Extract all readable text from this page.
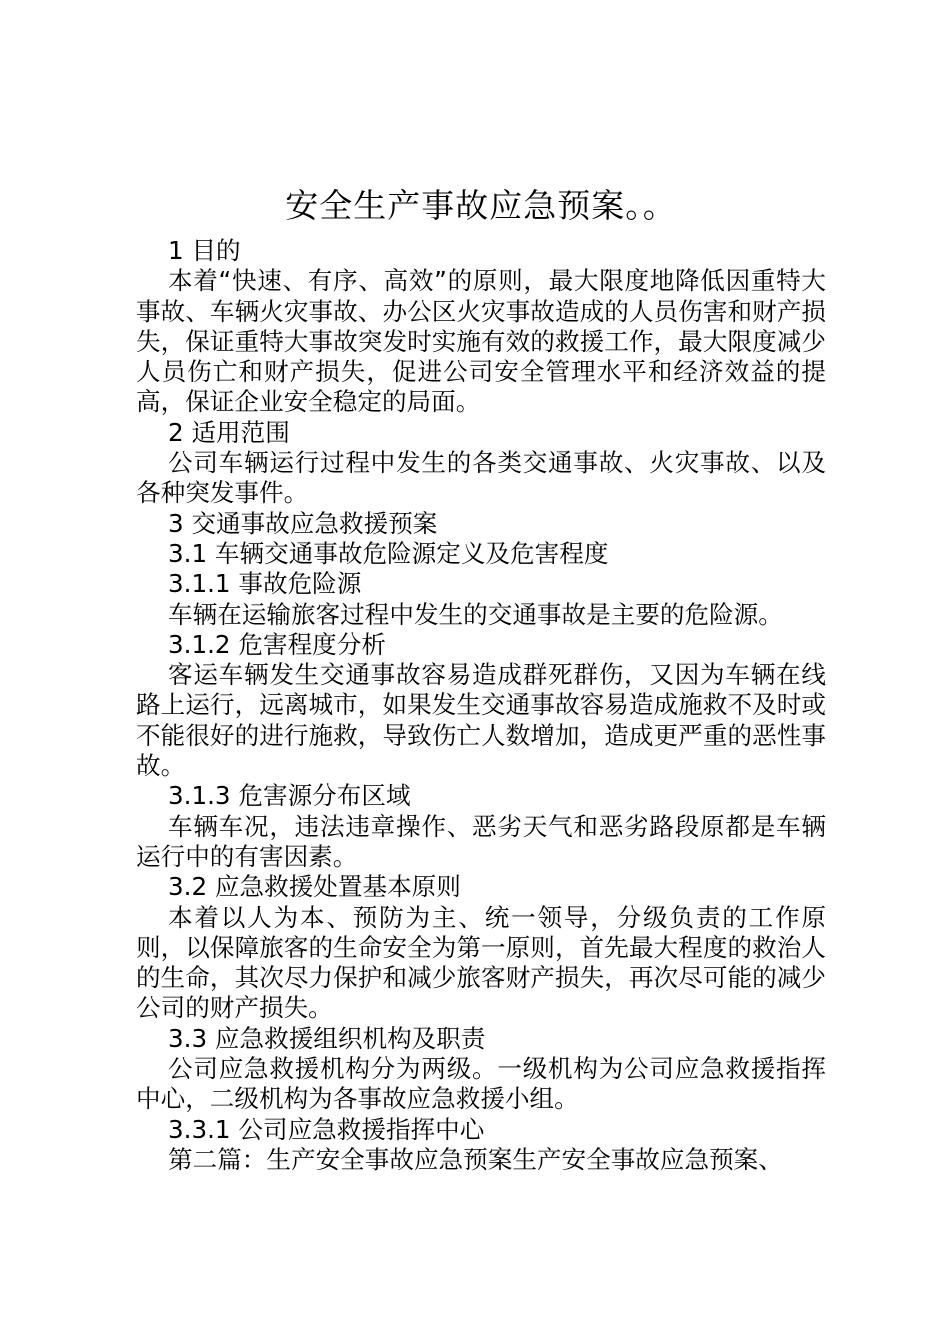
安全生产事故应急预案。。
1 目的

本着“快速、有序、高效”的原则，最大限度地降低因重特大事故、车辆火灾事故、办公区火灾事故造成的人员伤害和财产损失，保证重特大事故突发时实施有效的救援工作，最大限度减少人员伤亡和财产损失，促进公司安全管理水平和经济效益的提高，保证企业安全稳定的局面。

2 适用范围

公司车辆运行过程中发生的各类交通事故、火灾事故、以及各种突发事件。

3 交通事故应急救援预案
3.1 车辆交通事故危险源定义及危害程度
3.1.1 事故危险源

车辆在运输旅客过程中发生的交通事故是主要的危险源。

3.1.2 危害程度分析

客运车辆发生交通事故容易造成群死群伤，又因为车辆在线路上运行，远离城市，如果发生交通事故容易造成施救不及时或不能很好的进行施救，导致伤亡人数增加，造成更严重的恶性事故。

3.1.3 危害源分布区域

车辆车况，违法违章操作、恶劣天气和恶劣路段原都是车辆运行中的有害因素。

3.2 应急救援处置基本原则

本着以人为本、预防为主、统一领导，分级负责的工作原则，以保障旅客的生命安全为第一原则，首先最大程度的救治人的生命，其次尽力保护和减少旅客财产损失，再次尽可能的减少公司的财产损失。

3.3 应急救援组织机构及职责

公司应急救援机构分为两级。一级机构为公司应急救援指挥中心，二级机构为各事故应急救援小组。

3.3.1 公司应急救援指挥中心

第二篇：生产安全事故应急预案生产安全事故应急预案、
